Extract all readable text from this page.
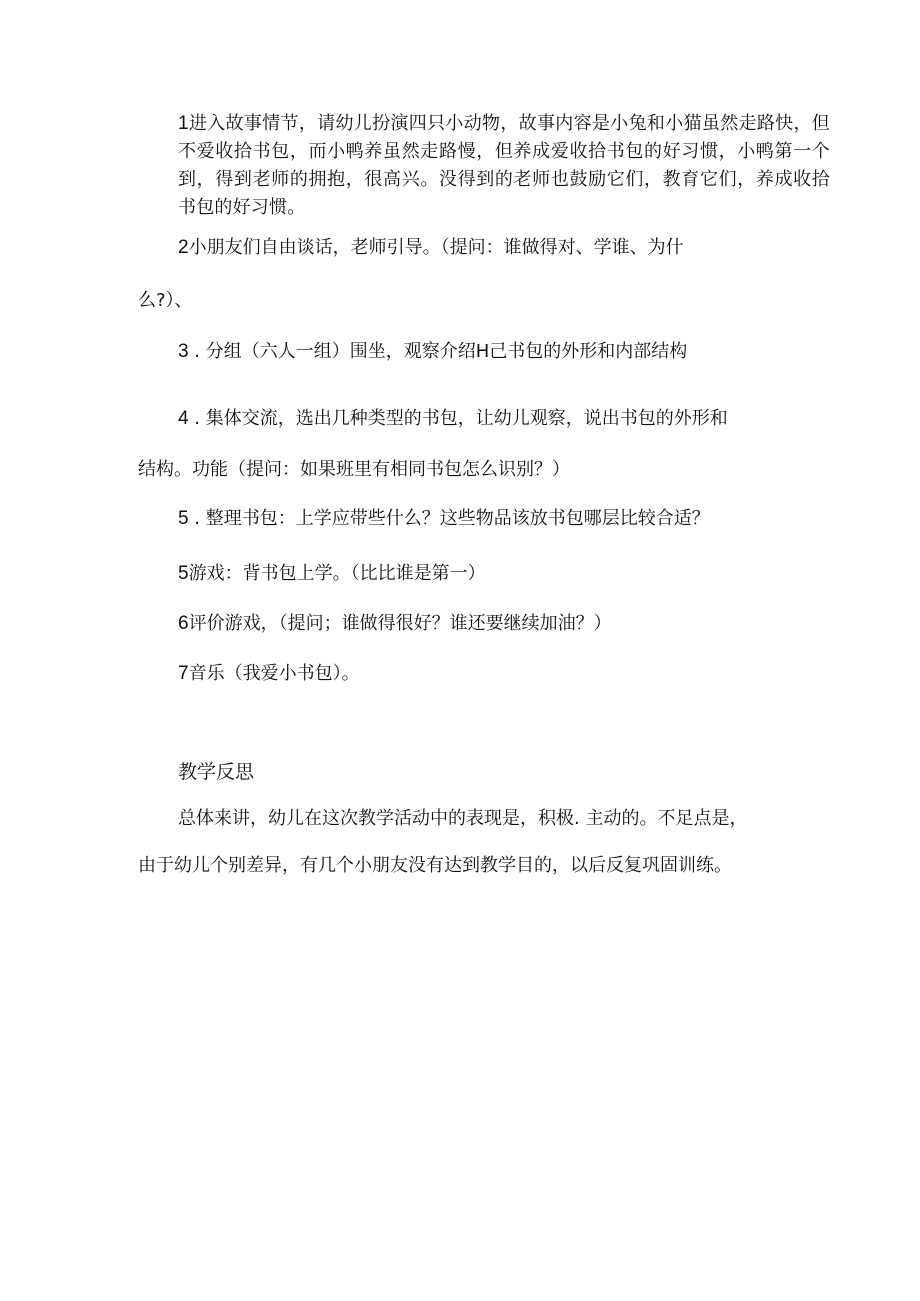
1进入故事情节，请幼儿扮演四只小动物，故事内容是小兔和小猫虽然走路快，但不爱收拾书包，而小鸭养虽然走路慢，但养成爱收拾书包的好习惯，小鸭第一个到，得到老师的拥抱，很高兴。没得到的老师也鼓励它们，教育它们，养成收拾书包的好习惯。

2小朋友们自由谈话，老师引导。（提问：谁做得对、学谁、为什

么?）、

3 . 分组（六人一组）围坐，观察介绍H己书包的外形和内部结构

4 . 集体交流，选出几种类型的书包，让幼儿观察，说出书包的外形和

结构。功能（提问：如果班里有相同书包怎么识别？）

5 . 整理书包：上学应带些什么？这些物品该放书包哪层比较合适？

5游戏：背书包上学。（比比谁是第一）

6评价游戏，（提问；谁做得很好？谁还要继续加油？）

7音乐（我爱小书包）。

教学反思

总体来讲，幼儿在这次教学活动中的表现是，积极. 主动的。不足点是，

由于幼儿个别差异，有几个小朋友没有达到教学目的，以后反复巩固训练。
